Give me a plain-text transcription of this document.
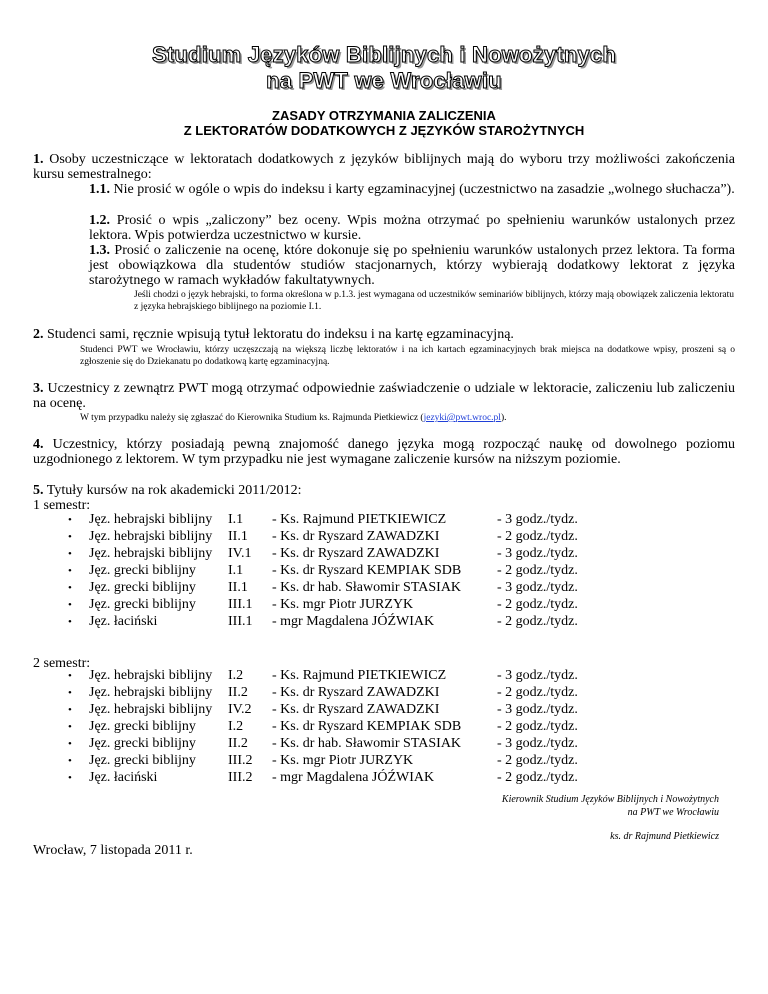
Studium Języków Biblijnych i Nowożytnych
na PWT we Wrocławiu
ZASADY OTRZYMANIA ZALICZENIA
Z LEKTORATÓW DODATKOWYCH Z JĘZYKÓW STAROŻYTNYCH
1. Osoby uczestniczące w lektoratach dodatkowych z języków biblijnych mają do wyboru trzy możliwości zakończenia kursu semestralnego:
1.1. Nie prosić w ogóle o wpis do indeksu i karty egzaminacyjnej (uczestnictwo na zasadzie „wolnego słuchacza”).
1.2. Prosić o wpis „zaliczony” bez oceny. Wpis można otrzymać po spełnieniu warunków ustalonych przez lektora. Wpis potwierdza uczestnictwo w kursie.
1.3. Prosić o zaliczenie na ocenę, które dokonuje się po spełnieniu warunków ustalonych przez lektora. Ta forma jest obowiązkowa dla studentów studiów stacjonarnych, którzy wybierają dodatkowy lektorat z języka starożytnego w ramach wykładów fakultatywnych.
Jeśli chodzi o język hebrajski, to forma określona w p.1.3. jest wymagana od uczestników seminariów biblijnych, którzy mają obowiązek zaliczenia lektoratu z języka hebrajskiego biblijnego na poziomie I.1.
2. Studenci sami, ręcznie wpisują tytuł lektoratu do indeksu i na kartę egzaminacyjną.
Studenci PWT we Wrocławiu, którzy uczęszczają na większą liczbę lektoratów i na ich kartach egzaminacyjnych brak miejsca na dodatkowe wpisy, proszeni są o zgłoszenie się do Dziekanatu po dodatkową kartę egzaminacyjną.
3. Uczestnicy z zewnątrz PWT mogą otrzymać odpowiednie zaświadczenie o udziale w lektoracie, zaliczeniu lub zaliczeniu na ocenę.
W tym przypadku należy się zgłaszać do Kierownika Studium ks. Rajmunda Pietkiewicz (jezyki@pwt.wroc.pl).
4. Uczestnicy, którzy posiadają pewną znajomość danego języka mogą rozpocząć naukę od dowolnego poziomu uzgodnionego z lektorem. W tym przypadku nie jest wymagane zaliczenie kursów na niższym poziomie.
5. Tytuły kursów na rok akademicki 2011/2012:
1 semestr:
• Jęz. hebrajski biblijny I.1 - Ks. Rajmund PIETKIEWICZ	- 3 godz./tydz.
• Jęz. hebrajski biblijny II.1 - Ks. dr Ryszard ZAWADZKI	- 2 godz./tydz.
• Jęz. hebrajski biblijny IV.1 - Ks. dr Ryszard ZAWADZKI	- 3 godz./tydz.
• Jęz. grecki biblijny I.1 - Ks. dr Ryszard KEMPIAK SDB	- 2 godz./tydz.
• Jęz. grecki biblijny II.1 - Ks. dr hab. Sławomir STASIAK	- 3 godz./tydz.
• Jęz. grecki biblijny III.1 - Ks. mgr Piotr JURZYK	- 2 godz./tydz.
• Jęz. łaciński	III.1 - mgr Magdalena JÓŹWIAK	- 2 godz./tydz.
2 semestr:
• Jęz. hebrajski biblijny I.2 - Ks. Rajmund PIETKIEWICZ	- 3 godz./tydz.
• Jęz. hebrajski biblijny II.2 - Ks. dr Ryszard ZAWADZKI	- 2 godz./tydz.
• Jęz. hebrajski biblijny IV.2 - Ks. dr Ryszard ZAWADZKI	- 3 godz./tydz.
• Jęz. grecki biblijny I.2 - Ks. dr Ryszard KEMPIAK SDB	- 2 godz./tydz.
• Jęz. grecki biblijny II.2 - Ks. dr hab. Sławomir STASIAK	- 3 godz./tydz.
• Jęz. grecki biblijny III.2 - Ks. mgr Piotr JURZYK	- 2 godz./tydz.
• Jęz. łaciński	III.2 - mgr Magdalena JÓŹWIAK	- 2 godz./tydz.
Kierownik Studium Języków Biblijnych i Nowożytnych
na PWT we Wrocławiu
ks. dr Rajmund Pietkiewicz
Wrocław, 7 listopada 2011 r.
